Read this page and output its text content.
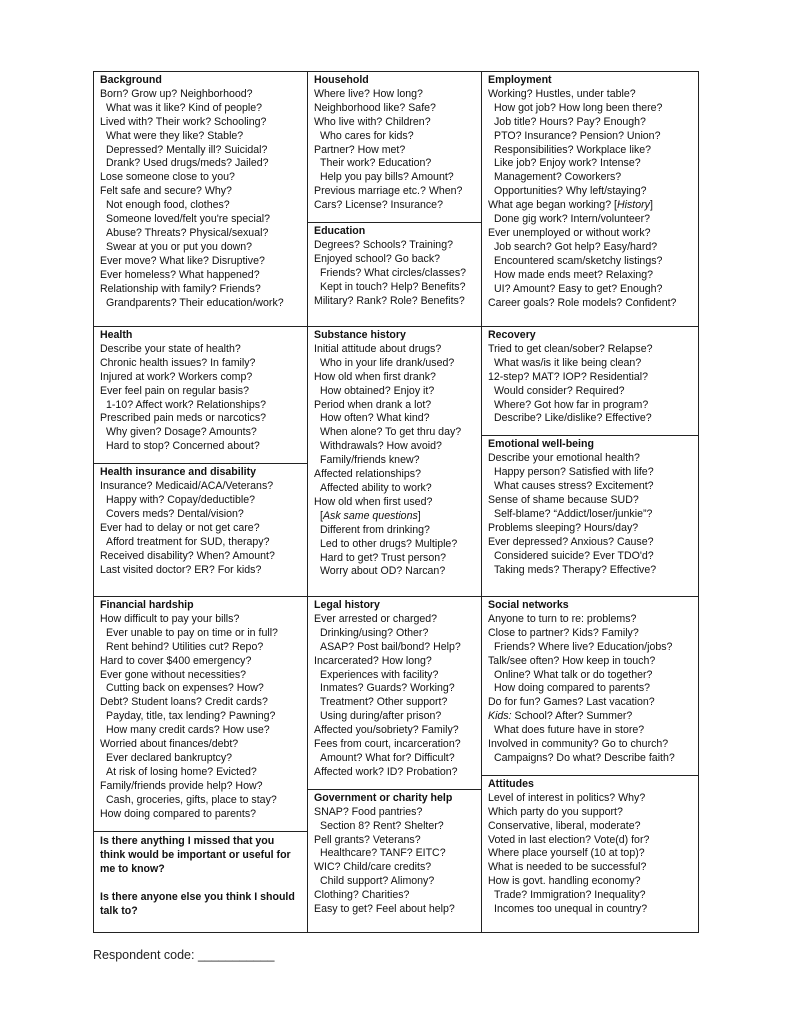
Background
Born? Grow up? Neighborhood?
What was it like? Kind of people?
Lived with? Their work? Schooling?
What were they like? Stable?
Depressed? Mentally ill? Suicidal?
Drank? Used drugs/meds? Jailed?
Lose someone close to you?
Felt safe and secure? Why?
Not enough food, clothes?
Someone loved/felt you're special?
Abuse? Threats? Physical/sexual?
Swear at you or put you down?
Ever move? What like? Disruptive?
Ever homeless? What happened?
Relationship with family? Friends?
Grandparents? Their education/work?
Household
Where live? How long?
Neighborhood like? Safe?
Who live with? Children?
Who cares for kids?
Partner? How met?
Their work? Education?
Help you pay bills? Amount?
Previous marriage etc.? When?
Cars? License? Insurance?
Education
Degrees? Schools? Training?
Enjoyed school? Go back?
Friends? What circles/classes?
Kept in touch? Help? Benefits?
Military? Rank? Role? Benefits?
Employment
Working? Hustles, under table?
How got job? How long been there?
Job title? Hours? Pay? Enough?
PTO? Insurance? Pension? Union?
Responsibilities? Workplace like?
Like job? Enjoy work? Intense?
Management? Coworkers?
Opportunities? Why left/staying?
What age began working? [History]
Done gig work? Intern/volunteer?
Ever unemployed or without work?
Job search? Got help? Easy/hard?
Encountered scam/sketchy listings?
How made ends meet? Relaxing?
UI? Amount? Easy to get? Enough?
Career goals? Role models? Confident?
Health
Describe your state of health?
Chronic health issues? In family?
Injured at work? Workers comp?
Ever feel pain on regular basis?
1-10? Affect work? Relationships?
Prescribed pain meds or narcotics?
Why given? Dosage? Amounts?
Hard to stop? Concerned about?
Health insurance and disability
Insurance? Medicaid/ACA/Veterans?
Happy with? Copay/deductible?
Covers meds? Dental/vision?
Ever had to delay or not get care?
Afford treatment for SUD, therapy?
Received disability? When? Amount?
Last visited doctor? ER? For kids?
Substance history
Initial attitude about drugs?
Who in your life drank/used?
How old when first drank?
How obtained? Enjoy it?
Period when drank a lot?
How often? What kind?
When alone? To get thru day?
Withdrawals? How avoid?
Family/friends knew?
Affected relationships?
Affected ability to work?
How old when first used?
[Ask same questions]
Different from drinking?
Led to other drugs? Multiple?
Hard to get? Trust person?
Worry about OD? Narcan?
Recovery
Tried to get clean/sober? Relapse?
What was/is it like being clean?
12-step? MAT? IOP? Residential?
Would consider? Required?
Where? Got how far in program?
Describe? Like/dislike? Effective?
Emotional well-being
Describe your emotional health?
Happy person? Satisfied with life?
What causes stress? Excitement?
Sense of shame because SUD?
Self-blame? “Addict/loser/junkie”?
Problems sleeping? Hours/day?
Ever depressed? Anxious? Cause?
Considered suicide? Ever TDO'd?
Taking meds? Therapy? Effective?
Financial hardship
How difficult to pay your bills?
Ever unable to pay on time or in full?
Rent behind? Utilities cut? Repo?
Hard to cover $400 emergency?
Ever gone without necessities?
Cutting back on expenses? How?
Debt? Student loans? Credit cards?
Payday, title, tax lending? Pawning?
How many credit cards? How use?
Worried about finances/debt?
Ever declared bankruptcy?
At risk of losing home? Evicted?
Family/friends provide help? How?
Cash, groceries, gifts, place to stay?
How doing compared to parents?
Is there anything I missed that you think would be important or useful for me to know?
Is there anyone else you think I should talk to?
Legal history
Ever arrested or charged?
Drinking/using? Other?
ASAP? Post bail/bond? Help?
Incarcerated? How long?
Experiences with facility?
Inmates? Guards? Working?
Treatment? Other support?
Using during/after prison?
Affected you/sobriety? Family?
Fees from court, incarceration?
Amount? What for? Difficult?
Affected work? ID? Probation?
Government or charity help
SNAP? Food pantries?
Section 8? Rent? Shelter?
Pell grants? Veterans?
Healthcare? TANF? EITC?
WIC? Child/care credits?
Child support? Alimony?
Clothing? Charities?
Easy to get? Feel about help?
Social networks
Anyone to turn to re: problems?
Close to partner? Kids? Family?
Friends? Where live? Education/jobs?
Talk/see often? How keep in touch?
Online? What talk or do together?
How doing compared to parents?
Do for fun? Games? Last vacation?
Kids: School? After? Summer?
What does future have in store?
Involved in community? Go to church?
Campaigns? Do what? Describe faith?
Attitudes
Level of interest in politics? Why?
Which party do you support?
Conservative, liberal, moderate?
Voted in last election? Vote(d) for?
Where place yourself (10 at top)?
What is needed to be successful?
How is govt. handling economy?
Trade? Immigration? Inequality?
Incomes too unequal in country?
Respondent code: ___________
